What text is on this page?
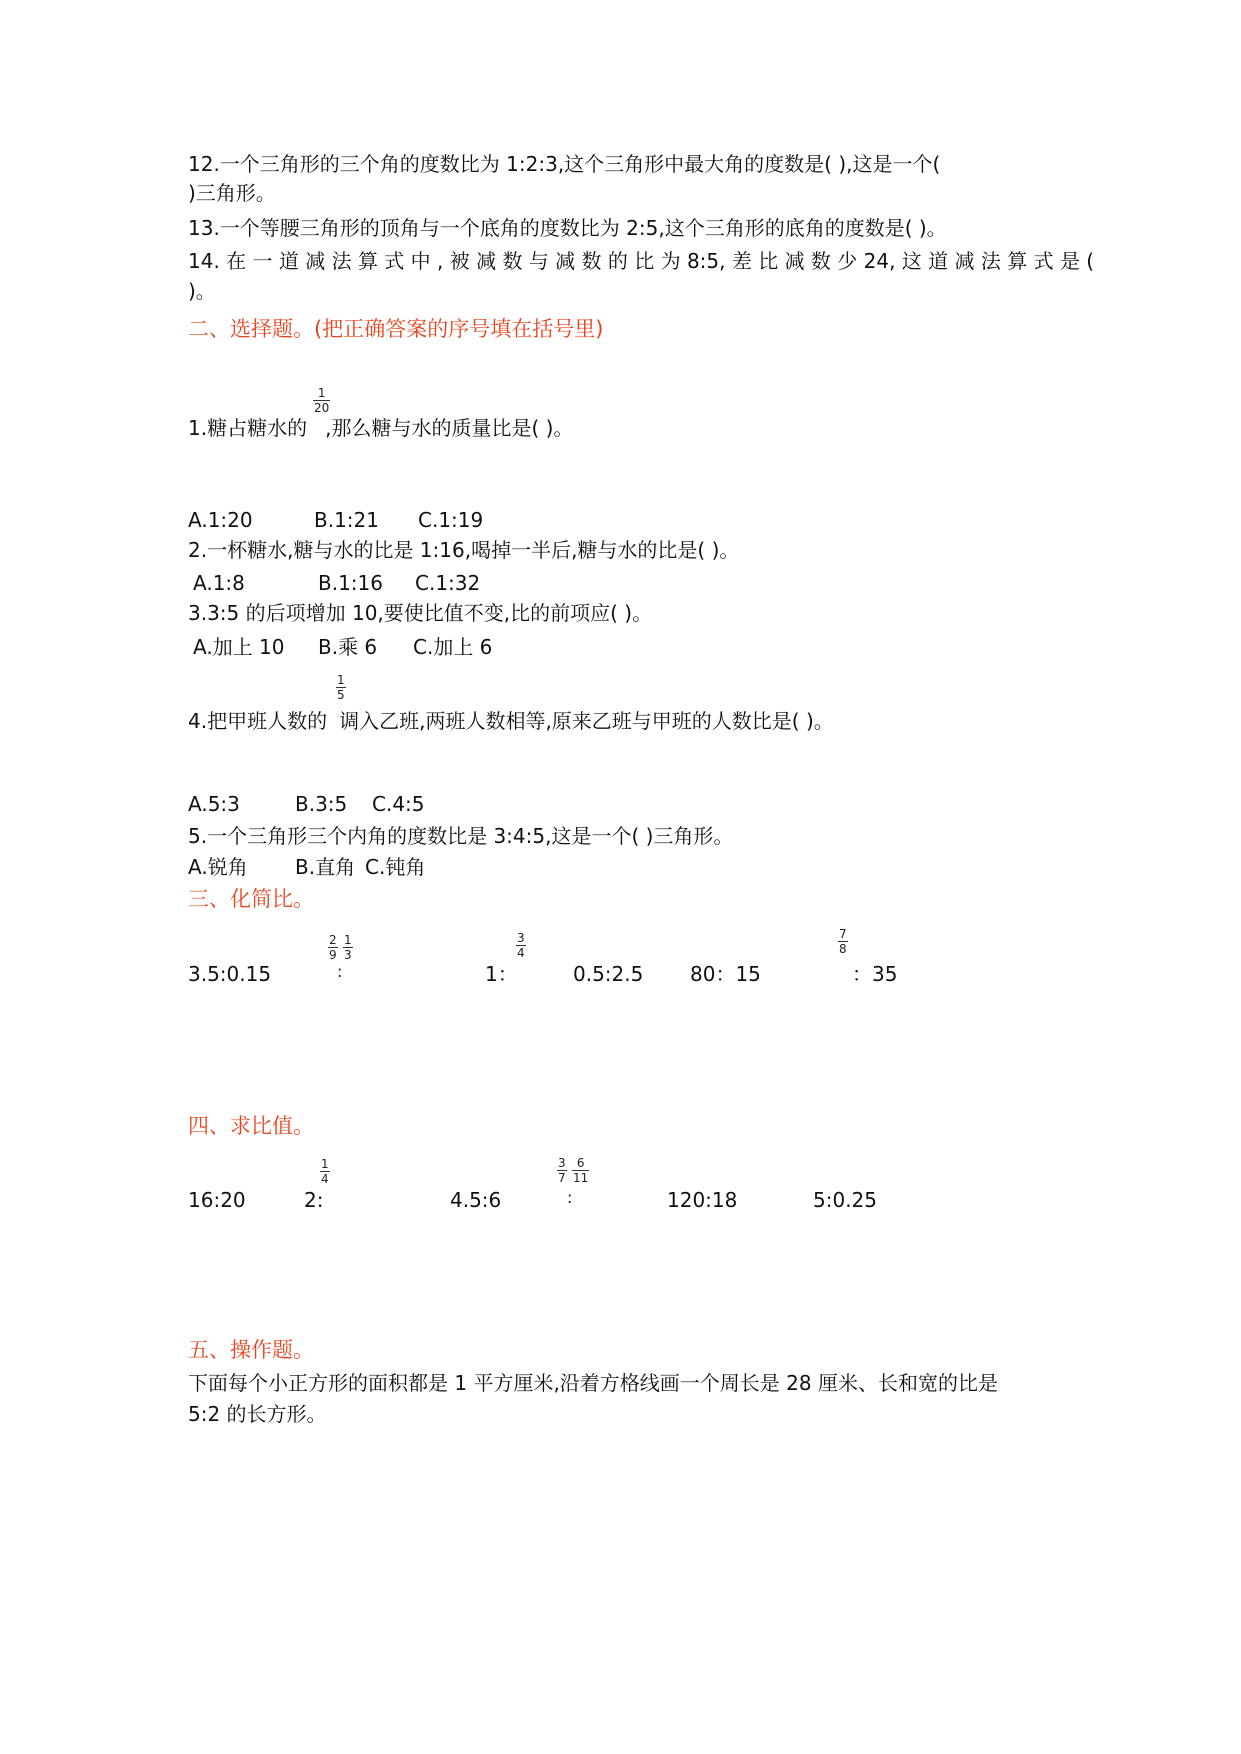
12.一个三角形的三个角的度数比为 1:2:3,这个三角形中最大角的度数是( ),这是一个(
)三角形。
13.一个等腰三角形的顶角与一个底角的度数比为 2:5,这个三角形的底角的度数是( )。
14. 在 一 道 减 法 算 式 中 , 被 减 数 与 减 数 的 比 为 8:5, 差 比 减 数 少 24, 这 道 减 法 算 式 是 (
)。
二、选择题。(把正确答案的序号填在括号里)
1.糖占糖水的 ,那么糖与水的质量比是( )。
$\frac{1}{20}$
A.1:20	B.1:21 C.1:19
2.一杯糖水,糖与水的比是 1:16,喝掉一半后,糖与水的比是( )。
A.1:8	B.1:16 C.1:32
3.3:5 的后项增加 10,要使比值不变,比的前项应( )。
A.加上 10 B.乘 6 C.加上 6
4.把甲班人数的 调入乙班,两班人数相等,原来乙班与甲班的人数比是( )。
$\frac{1}{5}$
A.5:3	B.3:5 C.4:5
5.一个三角形三个内角的度数比是 3:4:5,这是一个( )三角形。
A.锐角 B.直角 C.钝角
三、化简比。
3.5:0.15
$\frac{2}{9} \frac{1}{3}$
:	1：
$\frac{3}{4}$
0.5:2.5 80：15
$\frac{7}{8}$
：35
四、求比值。
16:20	2:
$\frac{1}{4}$
4.5:6
$\frac{3}{7} \frac{6}{11}$
:	120:18	5:0.25
五、操作题。
下面每个小正方形的面积都是 1 平方厘米,沿着方格线画一个周长是 28 厘米、长和宽的比是
5:2 的长方形。
